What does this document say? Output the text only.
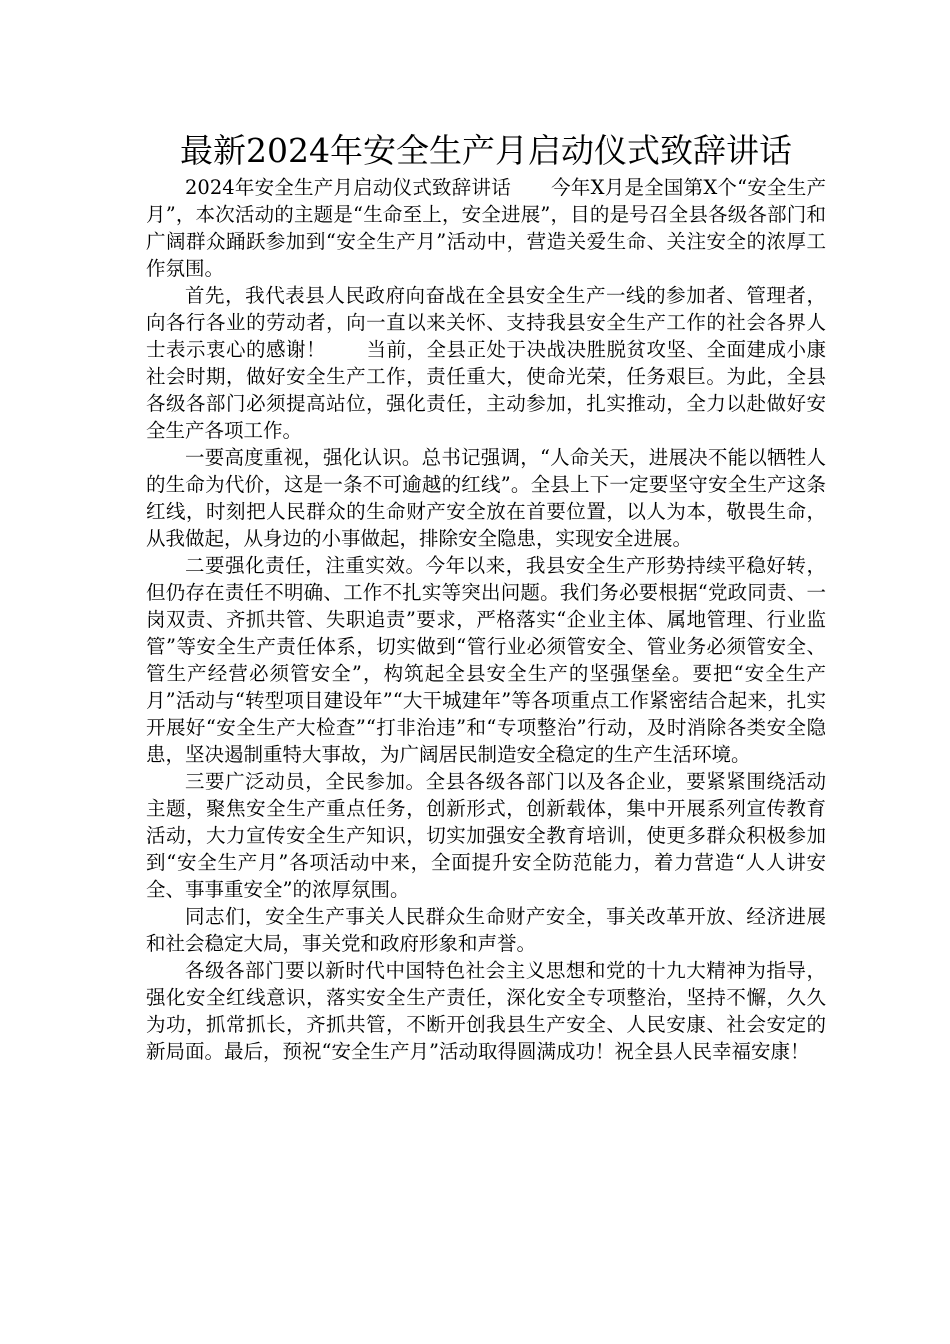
最新2024年安全生产月启动仪式致辞讲话

2024年安全生产月启动仪式致辞讲话 今年X月是全国第X个“安全生产月”，本次活动的主题是“生命至上，安全进展”，目的是号召全县各级各部门和广阔群众踊跃参加到“安全生产月”活动中，营造关爱生命、关注安全的浓厚工作氛围。

首先，我代表县人民政府向奋战在全县安全生产一线的参加者、管理者，向各行各业的劳动者，向一直以来关怀、支持我县安全生产工作的社会各界人士表示衷心的感谢！ 当前，全县正处于决战决胜脱贫攻坚、全面建成小康社会时期，做好安全生产工作，责任重大，使命光荣，任务艰巨。为此，全县各级各部门必须提高站位，强化责任，主动参加，扎实推动，全力以赴做好安全生产各项工作。

一要高度重视，强化认识。总书记强调，“人命关天，进展决不能以牺牲人的生命为代价，这是一条不可逾越的红线”。全县上下一定要坚守安全生产这条红线，时刻把人民群众的生命财产安全放在首要位置，以人为本，敬畏生命，从我做起，从身边的小事做起，排除安全隐患，实现安全进展。

二要强化责任，注重实效。今年以来，我县安全生产形势持续平稳好转，但仍存在责任不明确、工作不扎实等突出问题。我们务必要根据“党政同责、一岗双责、齐抓共管、失职追责”要求，严格落实“企业主体、属地管理、行业监管”等安全生产责任体系，切实做到“管行业必须管安全、管业务必须管安全、管生产经营必须管安全”，构筑起全县安全生产的坚强堡垒。要把“安全生产月”活动与“转型项目建设年”“大干城建年”等各项重点工作紧密结合起来，扎实开展好“安全生产大检查”“打非治违”和“专项整治”行动，及时消除各类安全隐患，坚决遏制重特大事故，为广阔居民制造安全稳定的生产生活环境。

三要广泛动员，全民参加。全县各级各部门以及各企业，要紧紧围绕活动主题，聚焦安全生产重点任务，创新形式，创新载体，集中开展系列宣传教育活动，大力宣传安全生产知识，切实加强安全教育培训，使更多群众积极参加到“安全生产月”各项活动中来，全面提升安全防范能力，着力营造“人人讲安全、事事重安全”的浓厚氛围。

同志们，安全生产事关人民群众生命财产安全，事关改革开放、经济进展和社会稳定大局，事关党和政府形象和声誉。

各级各部门要以新时代中国特色社会主义思想和党的十九大精神为指导，强化安全红线意识，落实安全生产责任，深化安全专项整治，坚持不懈，久久为功，抓常抓长，齐抓共管，不断开创我县生产安全、人民安康、社会安定的新局面。最后，预祝“安全生产月”活动取得圆满成功！祝全县人民幸福安康！
